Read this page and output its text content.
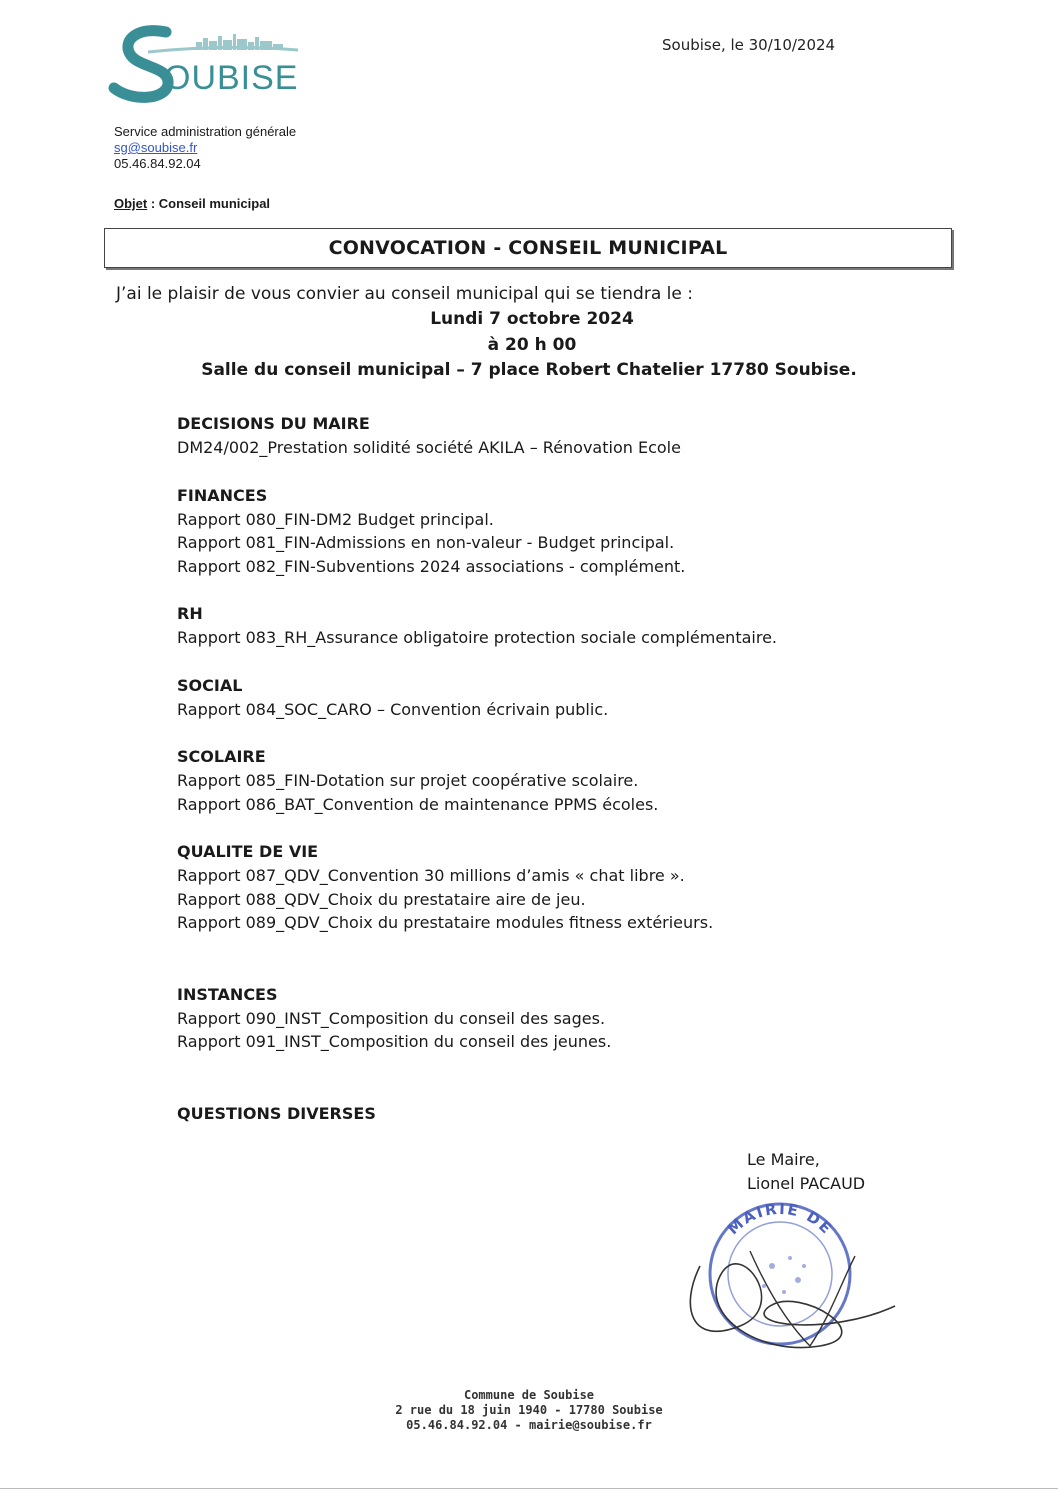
OUBISE
Soubise, le 30/10/2024
Service administration générale
sg@soubise.fr
05.46.84.92.04
Objet : Conseil municipal
CONVOCATION - CONSEIL MUNICIPAL
J’ai le plaisir de vous convier au conseil municipal qui se tiendra le :
Lundi 7 octobre 2024
à 20 h 00
Salle du conseil municipal – 7 place Robert Chatelier 17780 Soubise.
DECISIONS DU MAIRE
DM24/002_Prestation solidité société AKILA – Rénovation Ecole
FINANCES
Rapport 080_FIN-DM2 Budget principal.
Rapport 081_FIN-Admissions en non-valeur - Budget principal.
Rapport 082_FIN-Subventions 2024 associations - complément.
RH
Rapport 083_RH_Assurance obligatoire protection sociale complémentaire.
SOCIAL
Rapport 084_SOC_CARO – Convention écrivain public.
SCOLAIRE
Rapport 085_FIN-Dotation sur projet coopérative scolaire.
Rapport 086_BAT_Convention de maintenance PPMS écoles.
QUALITE DE VIE
Rapport 087_QDV_Convention 30 millions d’amis « chat libre ».
Rapport 088_QDV_Choix du prestataire aire de jeu.
Rapport 089_QDV_Choix du prestataire modules fitness extérieurs.
INSTANCES
Rapport 090_INST_Composition du conseil des sages.
Rapport 091_INST_Composition du conseil des jeunes.
QUESTIONS DIVERSES
Le Maire,
Lionel PACAUD
MAIRIE DE
Commune de Soubise
2 rue du 18 juin 1940 - 17780 Soubise
05.46.84.92.04 - mairie@soubise.fr
